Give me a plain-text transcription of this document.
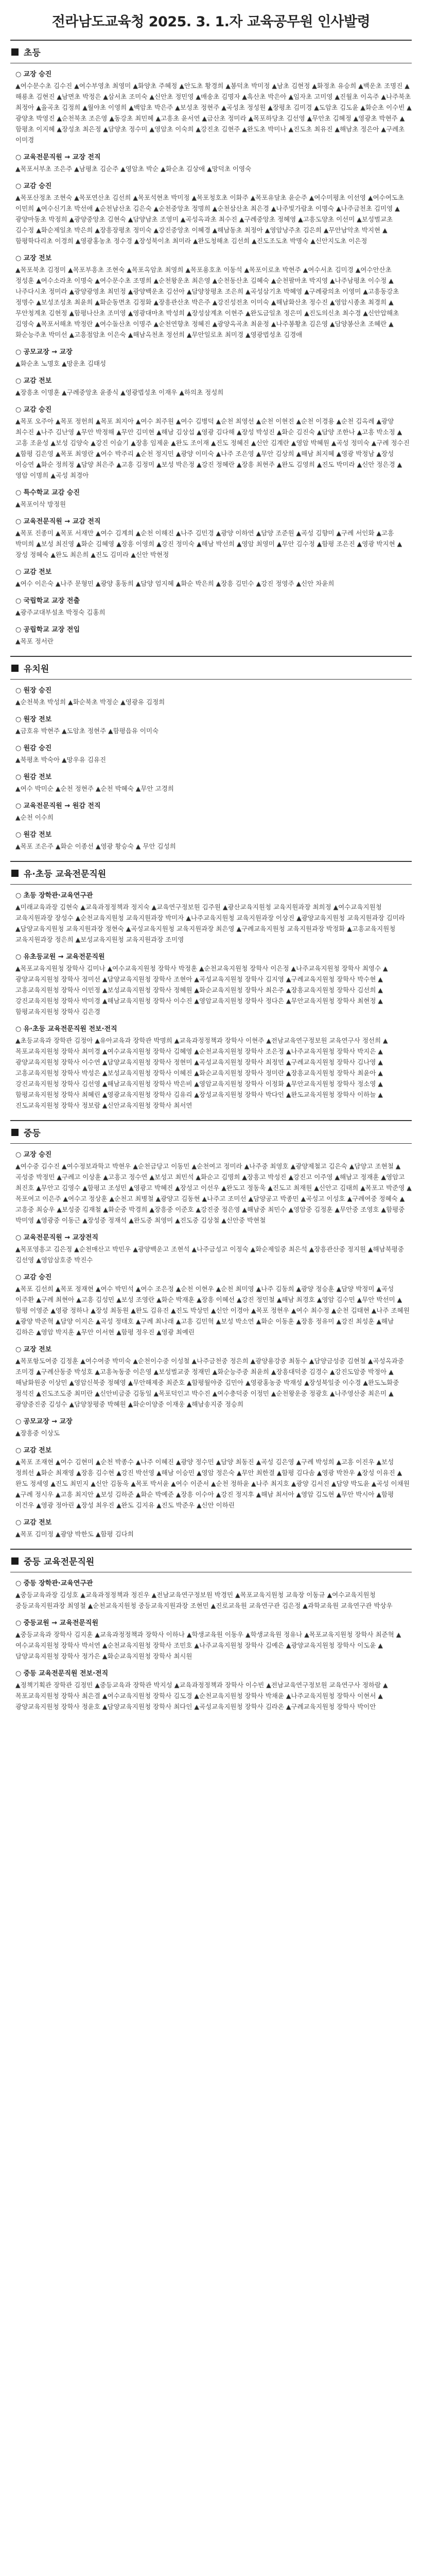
전라남도교육청 2025. 3. 1.자 교육공무원 인사발령
초등
○ 교장 승진

▲여수문수초 김수진 ▲여수부영초 최영미 ▲화양초 주혜정 ▲안도초 황경희 ▲봉덕초 박미정 ▲남초 김현정 ▲화정초 유승희 ▲백운초 조명진 ▲해룡초 김현진 ▲남면초 박정은 ▲삼서초 조미숙 ▲신안초 정민영 ▲매송초 김명자 ▲흑산초 박은아 ▲임자초 고미영 ▲진월초 이옥주 ▲나주북초 최정아 ▲율곡초 김정희 ▲월야초 이영희 ▲백암초 박은주 ▲보성초 정현주 ▲곡성초 정성원 ▲장평초 김미경 ▲도암초 김도윤 ▲화순초 이수빈 ▲광양초 박영진 ▲순천북초 조은영 ▲동강초 최민혜 ▲고흥초 윤서연 ▲금산초 정미라 ▲목포하당초 김선영 ▲무안초 김혜정 ▲영광초 박현주 ▲함평초 이지혜 ▲장성초 최은정 ▲담양초 정수미 ▲영암초 이숙희 ▲강진초 김현주 ▲완도초 박미나 ▲진도초 최유진 ▲해남초 정은아 ▲구례초 이미경

○ 교육전문직원 → 교장 전직

▲목포서부초 조은주 ▲남평초 김순주 ▲영암초 박순 ▲화순초 김상애 ▲망덕초 이영숙

○ 교감 승진

▲목포산정초 조현숙 ▲목포연산초 김선희 ▲목포석현초 박미정 ▲목포청호초 이화주 ▲목포유달초 윤순주 ▲여수미평초 이선영 ▲여수여도초 이민희 ▲여수신기초 박선애 ▲순천남산초 김은숙 ▲순천중앙초 정명희 ▲순천삼산초 최은경 ▲나주빛가람초 이명숙 ▲나주금천초 김미영 ▲광양마동초 박정희 ▲광양중앙초 김현숙 ▲담양남초 조영미 ▲곡성옥과초 최수진 ▲구례중앙초 정혜영 ▲고흥도양초 이선미 ▲보성벌교초 김수정 ▲화순제일초 박은희 ▲장흥장평초 정미숙 ▲강진중앙초 이혜경 ▲해남동초 최정아 ▲영암낭주초 김은희 ▲무안남악초 박지현 ▲함평학다리초 이경희 ▲영광홍농초 정수경 ▲장성북이초 최미라 ▲완도청해초 김선희 ▲진도조도초 박명숙 ▲신안지도초 이은정

○ 교장 전보

▲목포북초 김정미 ▲목포부흥초 조현숙 ▲목포옥암초 최영희 ▲목포용호초 이동석 ▲목포이로초 박현주 ▲여수서초 김미경 ▲여수안산초 정성훈 ▲여수소라초 이명숙 ▲여수문수초 조명희 ▲순천왕운초 최은영 ▲순천동산초 김혜숙 ▲순천팔마초 박지영 ▲나주남평초 이수정 ▲나주다시초 정미라 ▲광양광영초 최민정 ▲광양백운초 김선아 ▲담양창평초 조은희 ▲곡성삼기초 박혜영 ▲구례광의초 이영미 ▲고흥동강초 정명수 ▲보성조성초 최윤희 ▲화순동면초 김정화 ▲장흥관산초 박은주 ▲강진성전초 이미숙 ▲해남화산초 정수진 ▲영암시종초 최경희 ▲무안청계초 김현정 ▲함평나산초 조미영 ▲영광대마초 박성희 ▲장성삼계초 이현주 ▲완도금일초 정은미 ▲진도의신초 최수경 ▲신안압해초 김영숙 ▲목포서해초 박정란 ▲여수돌산초 이명주 ▲순천연향초 정혜진 ▲광양옥곡초 최윤정 ▲나주봉황초 김은영 ▲담양봉산초 조혜란 ▲화순능주초 박미선 ▲고흥점암초 이은숙 ▲해남옥천초 정선희 ▲무안일로초 최미경 ▲영광법성초 김경애

○ 공모교장 → 교장

▲화순초 노명호 ▲망운초 김태성

○ 교감 전보

▲장흥초 이명훈 ▲구례중앙초 윤종식 ▲영광법성초 이재우 ▲하의초 정성희

○ 교감 승진

▲목포 오주아 ▲목포 정헌희 ▲목포 최지아 ▲여수 최주원 ▲여수 김병덕 ▲순천 최영선 ▲순천 이현진 ▲순천 이경용 ▲순천 김옥례 ▲광양 최수진 ▲나주 김난영 ▲무안 박정해 ▲무안 김미현 ▲해남 김상섭 ▲영광 김다해 ▲장성 박성진 ▲화순 김진숙 ▲담양 조한나 ▲고흥 박소정 ▲고흥 조윤성 ▲보성 김양숙 ▲강진 이슬기 ▲장흥 임제윤 ▲완도 조이재 ▲진도 정혜진 ▲신안 김계란 ▲영암 박혜원 ▲곡성 정미숙 ▲구례 정수진 ▲함평 김은영 ▲목포 최영란 ▲여수 박주리 ▲순천 정지민 ▲광양 이미숙 ▲나주 조은영 ▲무안 김상희 ▲해남 최지혜 ▲영광 박정남 ▲장성 이승연 ▲화순 정희정 ▲담양 최은주 ▲고흥 김정미 ▲보성 박은정 ▲강진 정혜란 ▲장흥 최현주 ▲완도 김영희 ▲진도 박미라 ▲신안 정은경 ▲영암 이명희 ▲곡성 최경아

○ 특수학교 교감 승진

▲목포이삭 방정원

○ 교육전문직원 → 교감 전직

▲목포 진종미 ▲목포 서재만 ▲여수 김계희 ▲순천 이해진 ▲나주 김민경 ▲광양 이하연 ▲담양 조준원 ▲곡성 김향미 ▲구례 서인화 ▲고흥 박미희 ▲보성 최진영 ▲화순 김혜영 ▲장흥 이영희 ▲강진 정미숙 ▲해남 박선희 ▲영암 최영미 ▲무안 김수정 ▲함평 조은진 ▲영광 박지현 ▲장성 정혜숙 ▲완도 최은희 ▲진도 김미라 ▲신안 박현정

○ 교감 전보

▲여수 이은숙 ▲나주 문형민 ▲광양 홍동희 ▲담양 엄지혜 ▲화순 박은희 ▲장흥 김민수 ▲강진 정영주 ▲신안 차윤희

○ 국립학교 교장 전출

▲광주교대부설초 박정숙 김홍희

○ 공립학교 교장 전입

▲목포 정서란

유치원
○ 원장 승진

▲순천북초 박성희 ▲화순북초 박정순 ▲영광유 김정희

○ 원장 전보

▲금호유 박현주 ▲도암초 정현주 ▲함평읍유 이미숙

○ 원감 승진

▲북평초 박숙아 ▲망우유 김유진

○ 원감 전보

▲여수 박미순 ▲순천 정현주 ▲순천 박혜숙 ▲무안 고경희

○ 교육전문직원 → 원감 전직

▲순천 이수희

○ 원감 전보

▲목포 조은주 ▲화순 이종선 ▲영광 황승숙 ▲ 무안 김성희

유·초등 교육전문직원
○ 초등 장학관·교육연구관

▲미래교육과장 김현숙 ▲교육과정정책과 정지숙 ▲교육연구정보원 김주원 ▲광산교육지원청 교육지원과장 최희정 ▲여수교육지원청 교육지원과장 장성수 ▲순천교육지원청 교육지원과장 박미자 ▲나주교육지원청 교육지원과장 이상진 ▲광양교육지원청 교육지원과장 김미라 ▲담양교육지원청 교육지원과장 정현숙 ▲곡성교육지원청 교육지원과장 최은영 ▲구례교육지원청 교육지원과장 박정화 ▲고흥교육지원청 교육지원과장 정은희 ▲보성교육지원청 교육지원과장 조미영

○ 유초등교원 → 교육전문직원

▲목포교육지원청 장학사 김미나 ▲여수교육지원청 장학사 박정훈 ▲순천교육지원청 장학사 이은정 ▲나주교육지원청 장학사 최영수 ▲광양교육지원청 장학사 정미선 ▲담양교육지원청 장학사 조현아 ▲곡성교육지원청 장학사 김지영 ▲구례교육지원청 장학사 박수현 ▲고흥교육지원청 장학사 이민정 ▲보성교육지원청 장학사 정혜원 ▲화순교육지원청 장학사 최은주 ▲장흥교육지원청 장학사 김선희 ▲강진교육지원청 장학사 박미경 ▲해남교육지원청 장학사 이수진 ▲영암교육지원청 장학사 정다은 ▲무안교육지원청 장학사 최현정 ▲함평교육지원청 장학사 김은경

○ 유·초등 교육전문직원 전보·전직

▲초등교육과 장학관 김정아 ▲유아교육과 장학관 박명희 ▲교육과정정책과 장학사 이현주 ▲전남교육연구정보원 교육연구사 정선희 ▲목포교육지원청 장학사 최미경 ▲여수교육지원청 장학사 김혜영 ▲순천교육지원청 장학사 조은정 ▲나주교육지원청 장학사 박지은 ▲광양교육지원청 장학사 이수연 ▲담양교육지원청 장학사 정현미 ▲곡성교육지원청 장학사 최정민 ▲구례교육지원청 장학사 김나영 ▲고흥교육지원청 장학사 박성은 ▲보성교육지원청 장학사 이혜진 ▲화순교육지원청 장학사 정미란 ▲장흥교육지원청 장학사 최윤아 ▲강진교육지원청 장학사 김선영 ▲해남교육지원청 장학사 박은비 ▲영암교육지원청 장학사 이정화 ▲무안교육지원청 장학사 정소영 ▲함평교육지원청 장학사 최혜린 ▲영광교육지원청 장학사 김유리 ▲장성교육지원청 장학사 박다인 ▲완도교육지원청 장학사 이하늘 ▲진도교육지원청 장학사 정보람 ▲신안교육지원청 장학사 최서연

중등
○ 교장 승진

▲여수중 김수진 ▲여수정보과학고 박현우 ▲순천금당고 이동민 ▲순천여고 정미라 ▲나주중 최영호 ▲광양제철고 김은숙 ▲담양고 조현철 ▲곡성중 박정민 ▲구례고 이상훈 ▲고흥고 정수연 ▲보성고 최민석 ▲화순고 김명희 ▲장흥고 박성진 ▲강진고 이주영 ▲해남고 정재훈 ▲영암고 최진호 ▲무안고 김영수 ▲함평고 조성민 ▲영광고 박혜진 ▲장성고 이선우 ▲완도고 정동욱 ▲진도고 최재원 ▲신안고 김태희 ▲목포고 박준영 ▲목포여고 이은주 ▲여수고 정상훈 ▲순천고 최병철 ▲광양고 김동현 ▲나주고 조미선 ▲담양공고 박종민 ▲곡성고 이성호 ▲구례여중 정혜숙 ▲고흥중 최승우 ▲보성중 김재철 ▲화순중 박경희 ▲장흥중 이준호 ▲강진중 정은영 ▲해남중 최민수 ▲영암중 김정훈 ▲무안중 조영호 ▲함평중 박미영 ▲영광중 이동근 ▲장성중 정재석 ▲완도중 최영미 ▲진도중 김상철 ▲신안중 박현철

○ 교육전문직원 → 교장전직

▲목포영흥고 김은정 ▲순천매산고 박민우 ▲광양백운고 조현석 ▲나주금성고 이정숙 ▲화순제일중 최은석 ▲장흥관산중 정지원 ▲해남북평중 김선영 ▲영암삼호중 박진수

○ 교감 승진

▲목포 김선희 ▲목포 정재현 ▲여수 박민석 ▲여수 조은정 ▲순천 이현우 ▲순천 최미영 ▲나주 김동희 ▲광양 정승훈 ▲담양 박정미 ▲곡성 이주환 ▲구례 최현아 ▲고흥 김성민 ▲보성 조영란 ▲화순 박재훈 ▲장흥 이혜선 ▲강진 정민철 ▲해남 최경호 ▲영암 김수민 ▲무안 박선미 ▲함평 이영준 ▲영광 정하나 ▲장성 최동원 ▲완도 김유진 ▲진도 박상민 ▲신안 이경아 ▲목포 정현우 ▲여수 최수정 ▲순천 김태현 ▲나주 조혜원 ▲광양 박준혁 ▲담양 이지은 ▲곡성 정태호 ▲구례 최나래 ▲고흥 김민혁 ▲보성 박소연 ▲화순 이동훈 ▲장흥 정유미 ▲강진 최성훈 ▲해남 김하은 ▲영암 박지훈 ▲무안 이서현 ▲함평 정우진 ▲영광 최예린

○ 교장 전보

▲목포항도여중 김정훈 ▲여수여중 박미숙 ▲순천이수중 이성철 ▲나주금천중 정은희 ▲광양용강중 최동수 ▲담양금성중 김현철 ▲곡성옥과중 조미경 ▲구례산동중 박성호 ▲고흥녹동중 이은영 ▲보성벌교중 정재민 ▲화순능주중 최윤희 ▲장흥대덕중 김경수 ▲강진도암중 박정아 ▲해남화원중 이상민 ▲영암신북중 정혜영 ▲무안해제중 최준호 ▲함평월야중 김민아 ▲영광홍농중 박재성 ▲장성북일중 이수경 ▲완도노화중 정석진 ▲진도조도중 최미란 ▲신안비금중 김동일 ▲목포덕인고 박수진 ▲여수충덕중 이정민 ▲순천왕운중 정광호 ▲나주영산중 최은미 ▲광양중진중 김성수 ▲담양창평중 박혜원 ▲화순이양중 이재웅 ▲해남송지중 정승희

○ 공모교장 → 교장

▲장흥중 이상도

○ 교감 전보

▲목포 조재현 ▲여수 김현미 ▲순천 박종수 ▲나주 이혜진 ▲광양 정수민 ▲담양 최동진 ▲곡성 김은영 ▲구례 박성희 ▲고흥 이진우 ▲보성 정희선 ▲화순 최재영 ▲장흥 김수현 ▲강진 박선영 ▲해남 이승민 ▲영암 정은숙 ▲무안 최한결 ▲함평 김다솜 ▲영광 박찬우 ▲장성 이유진 ▲완도 정세영 ▲진도 최민지 ▲신안 김동욱 ▲목포 박서윤 ▲여수 이준서 ▲순천 정하윤 ▲나주 최지호 ▲광양 김서진 ▲담양 박도윤 ▲곡성 이채원 ▲구례 정시우 ▲고흥 최지안 ▲보성 김하준 ▲화순 박예준 ▲장흥 이수아 ▲강진 정지후 ▲해남 최서아 ▲영암 김도현 ▲무안 박시아 ▲함평 이건우 ▲영광 정아린 ▲장성 최우진 ▲완도 김지유 ▲진도 박준우 ▲신안 이하린

○ 교감 전보

▲목포 김미정 ▲광양 박한도 ▲함평 김다희

중등 교육전문직원
○ 중등 장학관·교육연구관

▲중등교육과장 김성호 ▲교육과정정책과 정진우 ▲전남교육연구정보원 박경민 ▲목포교육지원청 교육장 이동규 ▲여수교육지원청 중등교육지원과장 최영철 ▲순천교육지원청 중등교육지원과장 조현민 ▲진로교육원 교육연구관 김은정 ▲과학교육원 교육연구관 박상우

○ 중등교원 → 교육전문직원

▲중등교육과 장학사 김지훈 ▲교육과정정책과 장학사 이하나 ▲학생교육원 이동우 ▲학생교육원 정유나 ▲목포교육지원청 장학사 최준혁 ▲여수교육지원청 장학사 박서연 ▲순천교육지원청 장학사 조민호 ▲나주교육지원청 장학사 김예은 ▲광양교육지원청 장학사 이도윤 ▲담양교육지원청 장학사 정가은 ▲화순교육지원청 장학사 최시원

○ 중등 교육전문직원 전보·전직

▲정책기획관 장학관 김정민 ▲중등교육과 장학관 박지성 ▲교육과정정책과 장학사 이수빈 ▲전남교육연구정보원 교육연구사 정하람 ▲목포교육지원청 장학사 최은결 ▲여수교육지원청 장학사 김도경 ▲순천교육지원청 장학사 박채윤 ▲나주교육지원청 장학사 이현서 ▲광양교육지원청 장학사 정윤호 ▲담양교육지원청 장학사 최다인 ▲곡성교육지원청 장학사 김라온 ▲구례교육지원청 장학사 박이안
